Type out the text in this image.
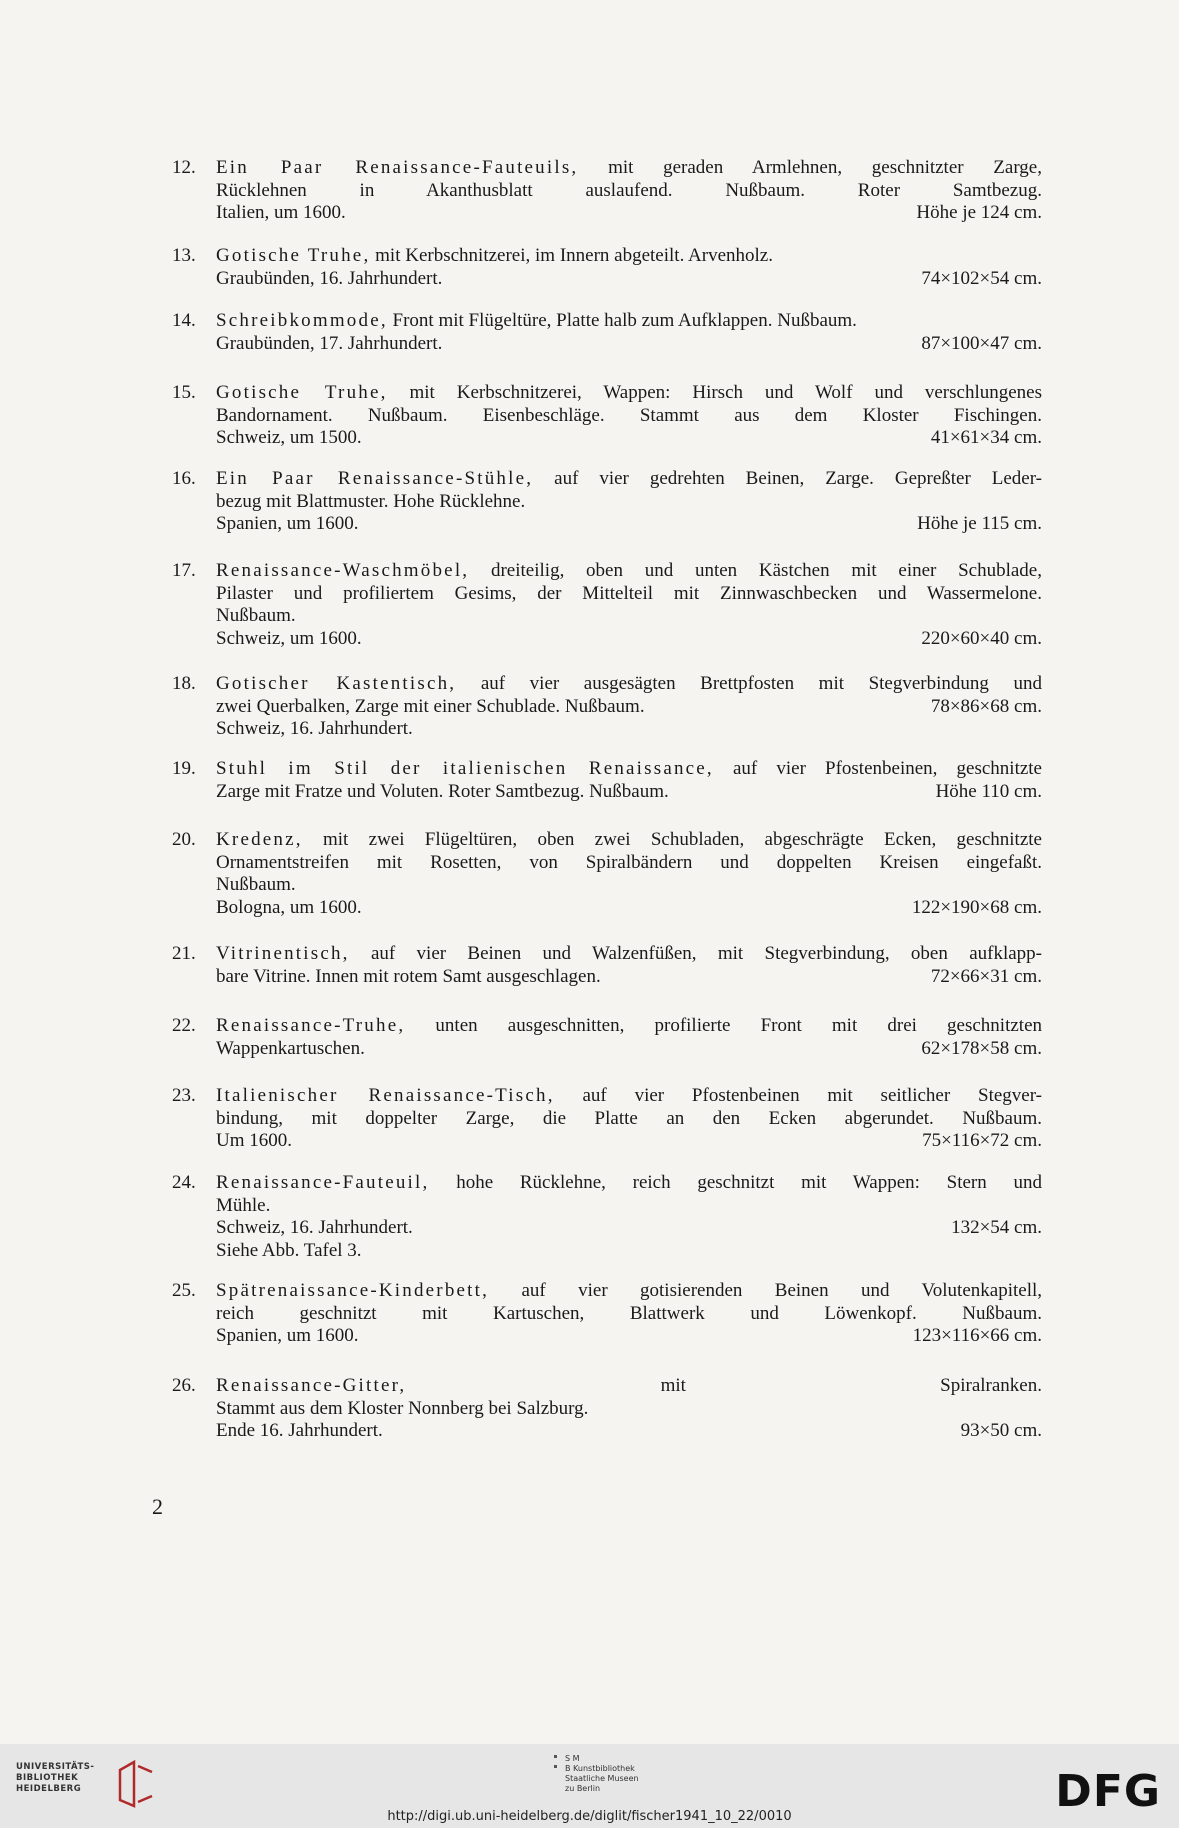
12. Ein Paar Renaissance-Fauteuils, mit geraden Armlehnen, geschnitzter Zarge,
Rücklehnen in Akanthusblatt auslaufend. Nußbaum. Roter Samtbezug.
Italien, um 1600.	Höhe je 124 cm.
13. Gotische Truhe, mit Kerbschnitzerei, im Innern abgeteilt. Arvenholz.
Graubünden, 16. Jahrhundert.	74×102×54 cm.
14. Schreibkommode, Front mit Flügeltüre, Platte halb zum Aufklappen. Nußbaum.
Graubünden, 17. Jahrhundert.	87×100×47 cm.
15. Gotische Truhe, mit Kerbschnitzerei, Wappen: Hirsch und Wolf und verschlungenes
Bandornament. Nußbaum. Eisenbeschläge. Stammt aus dem Kloster Fischingen.
Schweiz, um 1500.	41×61×34 cm.
16. Ein Paar Renaissance-Stühle, auf vier gedrehten Beinen, Zarge. Gepreßter Leder-
bezug mit Blattmuster. Hohe Rücklehne.
Spanien, um 1600.	Höhe je 115 cm.
17. Renaissance-Waschmöbel, dreiteilig, oben und unten Kästchen mit einer Schublade,
Pilaster und profiliertem Gesims, der Mittelteil mit Zinnwaschbecken und Wassermelone.
Nußbaum.
Schweiz, um 1600.	220×60×40 cm.
18. Gotischer Kastentisch, auf vier ausgesägten Brettpfosten mit Stegverbindung und
zwei Querbalken, Zarge mit einer Schublade. Nußbaum.	78×86×68 cm.
Schweiz, 16. Jahrhundert.
19. Stuhl im Stil der italienischen Renaissance, auf vier Pfostenbeinen, geschnitzte
Zarge mit Fratze und Voluten. Roter Samtbezug. Nußbaum.	Höhe 110 cm.
20. Kredenz, mit zwei Flügeltüren, oben zwei Schubladen, abgeschrägte Ecken, geschnitzte
Ornamentstreifen mit Rosetten, von Spiralbändern und doppelten Kreisen eingefaßt.
Nußbaum.
Bologna, um 1600.	122×190×68 cm.
21. Vitrinentisch, auf vier Beinen und Walzenfüßen, mit Stegverbindung, oben aufklapp-
bare Vitrine. Innen mit rotem Samt ausgeschlagen.	72×66×31 cm.
22. Renaissance-Truhe, unten ausgeschnitten, profilierte Front mit drei geschnitzten
Wappenkartuschen.	62×178×58 cm.
23. Italienischer Renaissance-Tisch, auf vier Pfostenbeinen mit seitlicher Stegver-
bindung, mit doppelter Zarge, die Platte an den Ecken abgerundet. Nußbaum.
Um 1600.	75×116×72 cm.
24. Renaissance-Fauteuil, hohe Rücklehne, reich geschnitzt mit Wappen: Stern und
Mühle.
Schweiz, 16. Jahrhundert.	132×54 cm.
Siehe Abb. Tafel 3.
25. Spätrenaissance-Kinderbett, auf vier gotisierenden Beinen und Volutenkapitell,
reich geschnitzt mit Kartuschen, Blattwerk und Löwenkopf. Nußbaum.
Spanien, um 1600.	123×116×66 cm.
26. Renaissance-Gitter, mit Spiralranken.
Stammt aus dem Kloster Nonnberg bei Salzburg.
Ende 16. Jahrhundert.	93×50 cm.
2
UNIVERSITÄTS-
BIBLIOTHEK
HEIDELBERG
S M
B Kunstbibliothek
Staatliche Museen
zu Berlin
http://digi.ub.uni-heidelberg.de/diglit/fischer1941_10_22/0010	DFG
